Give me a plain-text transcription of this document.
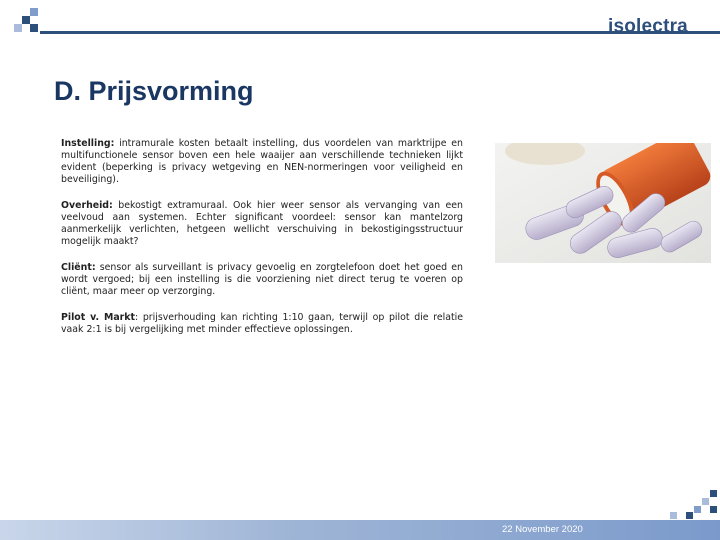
isolectra
D. Prijsvorming

Instelling: intramurale kosten betaalt instelling, dus voordelen van marktrijpe en multifunctionele sensor boven een hele waaijer aan verschillende technieken lijkt evident (beperking is privacy wetgeving en NEN-normeringen voor veiligheid en beveiliging).

Overheid: bekostigt extramuraal. Ook hier weer sensor als vervanging van een veelvoud aan systemen. Echter significant voordeel: sensor kan mantelzorg aanmerkelijk verlichten, hetgeen wellicht verschuiving in bekostigingsstructuur mogelijk maakt?

Cliënt: sensor als surveillant is privacy gevoelig en zorgtelefoon doet het goed en wordt vergoed; bij een instelling is die voorziening niet direct terug te voeren op cliënt, maar meer op verzorging.

Pilot v. Markt: prijsverhouding kan richting 1:10 gaan, terwijl op pilot die relatie vaak 2:1 is bij vergelijking met minder effectieve oplossingen.

22 November 2020
